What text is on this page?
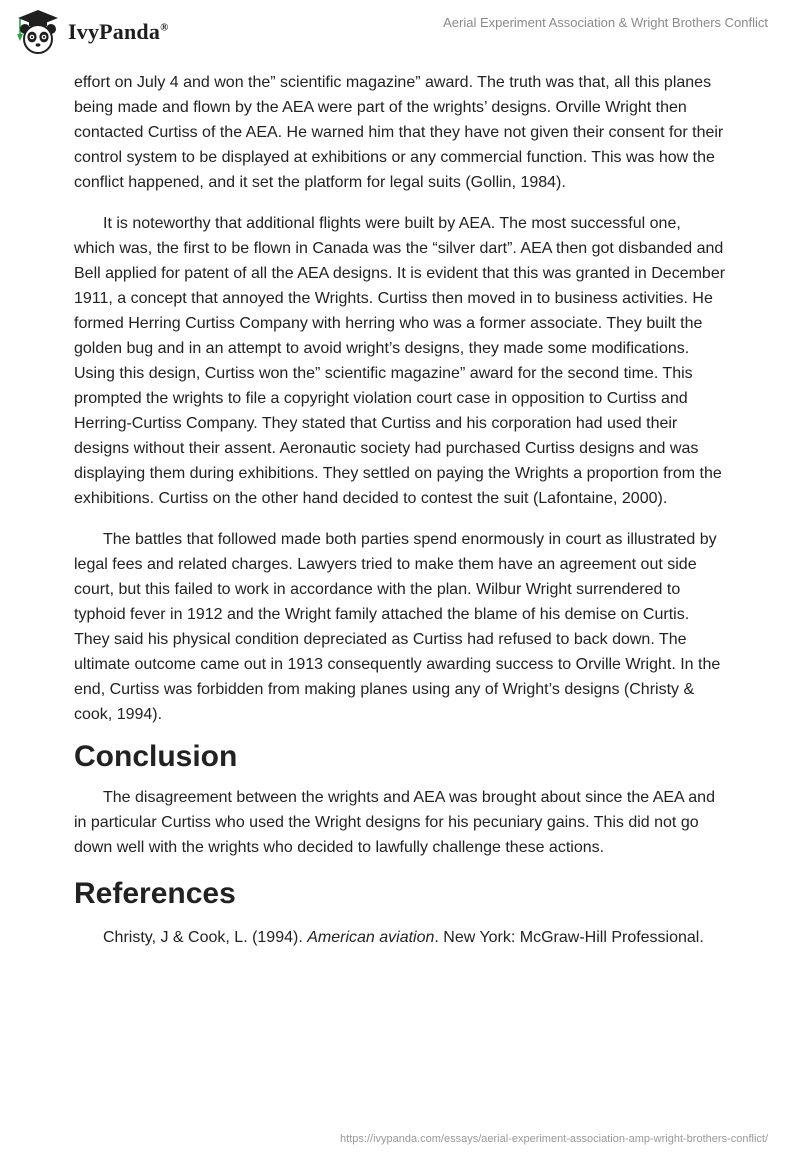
IvyPanda®	Aerial Experiment Association & Wright Brothers Conflict

effort on July 4 and won the” scientific magazine” award. The truth was that, all this planes being made and flown by the AEA were part of the wrights’ designs. Orville Wright then contacted Curtiss of the AEA. He warned him that they have not given their consent for their control system to be displayed at exhibitions or any commercial function. This was how the conflict happened, and it set the platform for legal suits (Gollin, 1984).

It is noteworthy that additional flights were built by AEA. The most successful one, which was, the first to be flown in Canada was the “silver dart”. AEA then got disbanded and Bell applied for patent of all the AEA designs. It is evident that this was granted in December 1911, a concept that annoyed the Wrights. Curtiss then moved in to business activities. He formed Herring Curtiss Company with herring who was a former associate. They built the golden bug and in an attempt to avoid wright’s designs, they made some modifications. Using this design, Curtiss won the” scientific magazine” award for the second time. This prompted the wrights to file a copyright violation court case in opposition to Curtiss and Herring-Curtiss Company. They stated that Curtiss and his corporation had used their designs without their assent. Aeronautic society had purchased Curtiss designs and was displaying them during exhibitions. They settled on paying the Wrights a proportion from the exhibitions. Curtiss on the other hand decided to contest the suit (Lafontaine, 2000).

The battles that followed made both parties spend enormously in court as illustrated by legal fees and related charges. Lawyers tried to make them have an agreement out side court, but this failed to work in accordance with the plan. Wilbur Wright surrendered to typhoid fever in 1912 and the Wright family attached the blame of his demise on Curtis. They said his physical condition depreciated as Curtiss had refused to back down. The ultimate outcome came out in 1913 consequently awarding success to Orville Wright. In the end, Curtiss was forbidden from making planes using any of Wright’s designs (Christy & cook, 1994).

Conclusion

The disagreement between the wrights and AEA was brought about since the AEA and in particular Curtiss who used the Wright designs for his pecuniary gains. This did not go down well with the wrights who decided to lawfully challenge these actions.

References

Christy, J & Cook, L. (1994). American aviation. New York: McGraw-Hill Professional.

https://ivypanda.com/essays/aerial-experiment-association-amp-wright-brothers-conflict/
